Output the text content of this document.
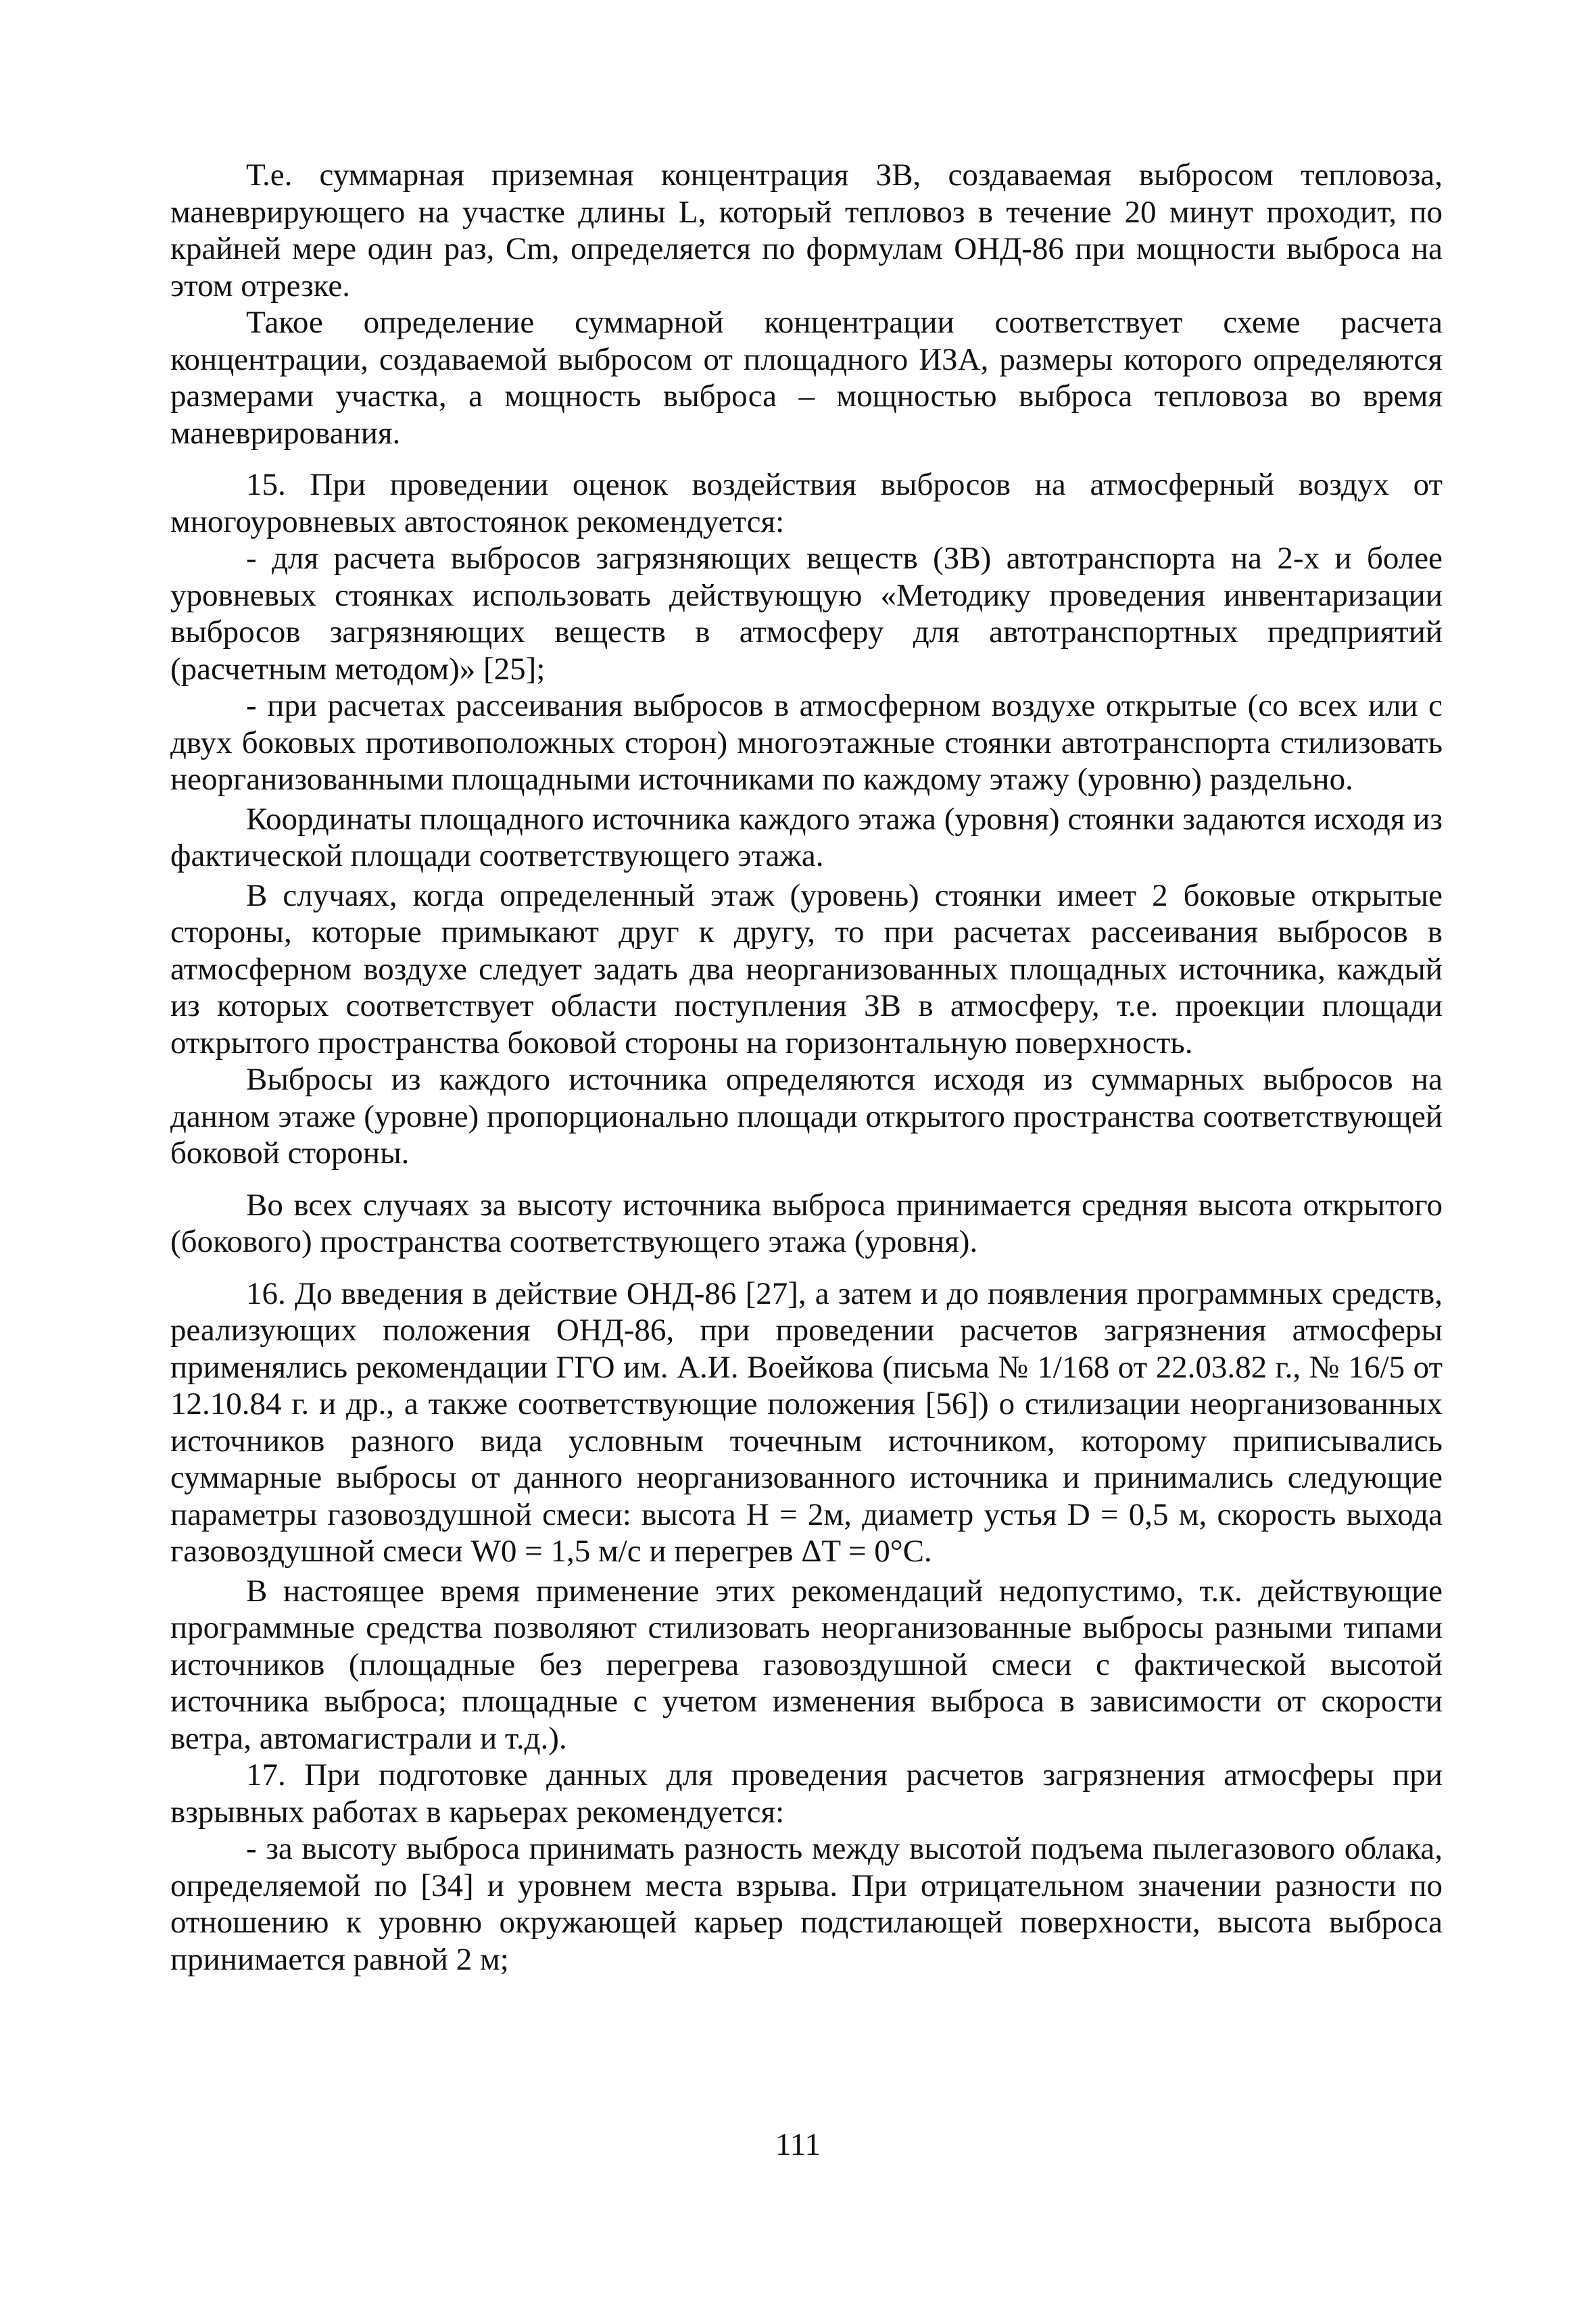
Т.е. суммарная приземная концентрация ЗВ, создаваемая выбросом тепловоза, маневрирующего на участке длины L, который тепловоз в течение 20 минут проходит, по крайней мере один раз, Cm, определяется по формулам ОНД-86 при мощности выброса на этом отрезке.

Такое определение суммарной концентрации соответствует схеме расчета концентрации, создаваемой выбросом от площадного ИЗА, размеры которого определяются размерами участка, а мощность выброса – мощностью выброса тепловоза во время маневрирования.

15. При проведении оценок воздействия выбросов на атмосферный воздух от многоуровневых автостоянок рекомендуется:

- для расчета выбросов загрязняющих веществ (ЗВ) автотранспорта на 2-х и более уровневых стоянках использовать действующую «Методику проведения инвентаризации выбросов загрязняющих веществ в атмосферу для автотранспортных предприятий (расчетным методом)» [25];

- при расчетах рассеивания выбросов в атмосферном воздухе открытые (со всех или с двух боковых противоположных сторон) многоэтажные стоянки автотранспорта стилизовать неорганизованными площадными источниками по каждому этажу (уровню) раздельно.

Координаты площадного источника каждого этажа (уровня) стоянки задаются исходя из фактической площади соответствующего этажа.

В случаях, когда определенный этаж (уровень) стоянки имеет 2 боковые открытые стороны, которые примыкают друг к другу, то при расчетах рассеивания выбросов в атмосферном воздухе следует задать два неорганизованных площадных источника, каждый из которых соответствует области поступления ЗВ в атмосферу, т.е. проекции площади открытого пространства боковой стороны на горизонтальную поверхность.

Выбросы из каждого источника определяются исходя из суммарных выбросов на данном этаже (уровне) пропорционально площади открытого пространства соответствующей боковой стороны.

Во всех случаях за высоту источника выброса принимается средняя высота открытого (бокового) пространства соответствующего этажа (уровня).

16. До введения в действие ОНД-86 [27], а затем и до появления программных средств, реализующих положения ОНД-86, при проведении расчетов загрязнения атмосферы применялись рекомендации ГГО им. А.И. Воейкова (письма № 1/168 от 22.03.82 г., № 16/5 от 12.10.84 г. и др., а также соответствующие положения [56]) о стилизации неорганизованных источников разного вида условным точечным источником, которому приписывались суммарные выбросы от данного неорганизованного источника и принимались следующие параметры газовоздушной смеси: высота H = 2м, диаметр устья D = 0,5 м, скорость выхода газовоздушной смеси W0 = 1,5 м/с и перегрев ΔT = 0°С.

В настоящее время применение этих рекомендаций недопустимо, т.к. действующие программные средства позволяют стилизовать неорганизованные выбросы разными типами источников (площадные без перегрева газовоздушной смеси с фактической высотой источника выброса; площадные с учетом изменения выброса в зависимости от скорости ветра, автомагистрали и т.д.).

17. При подготовке данных для проведения расчетов загрязнения атмосферы при взрывных работах в карьерах рекомендуется:

- за высоту выброса принимать разность между высотой подъема пылегазового облака, определяемой по [34] и уровнем места взрыва. При отрицательном значении разности по отношению к уровню окружающей карьер подстилающей поверхности, высота выброса принимается равной 2 м;

111
